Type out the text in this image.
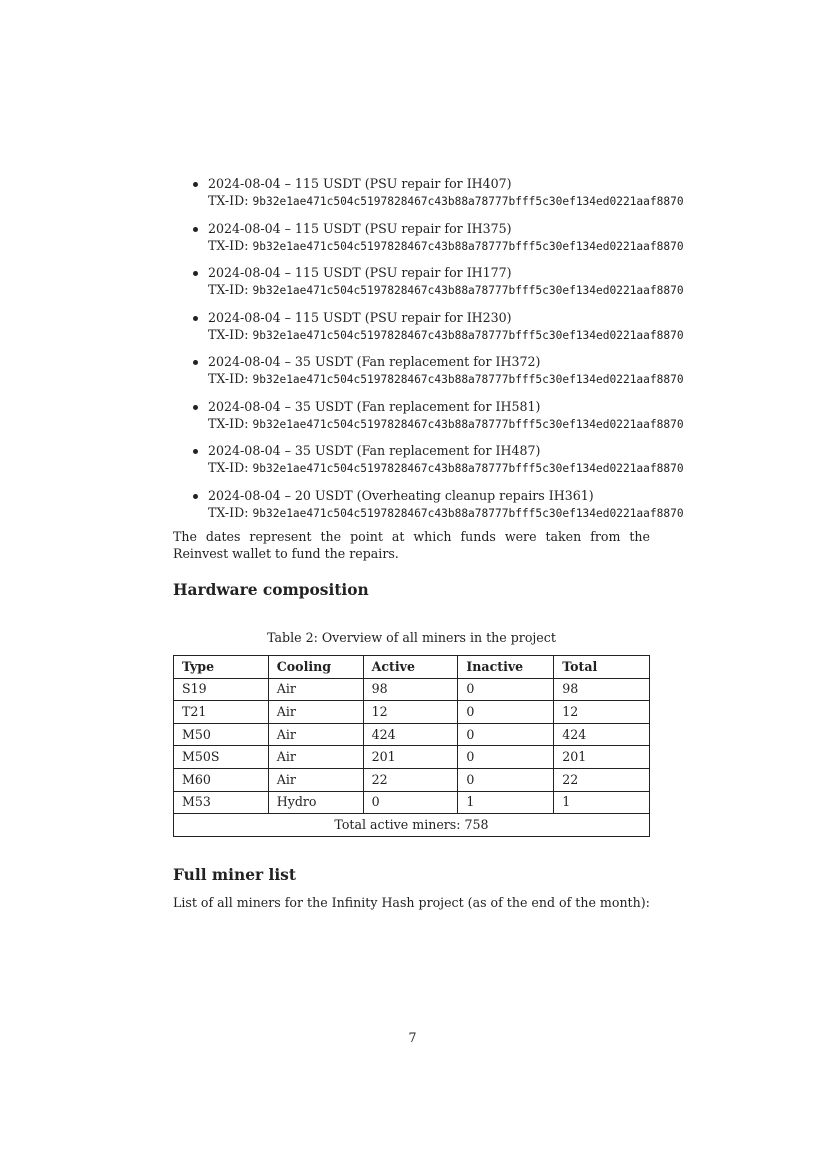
2024-08-04 – 115 USDT (PSU repair for IH407)
TX-ID: 9b32e1ae471c504c5197828467c43b88a78777bfff5c30ef134ed0221aaf8870
2024-08-04 – 115 USDT (PSU repair for IH375)
TX-ID: 9b32e1ae471c504c5197828467c43b88a78777bfff5c30ef134ed0221aaf8870
2024-08-04 – 115 USDT (PSU repair for IH177)
TX-ID: 9b32e1ae471c504c5197828467c43b88a78777bfff5c30ef134ed0221aaf8870
2024-08-04 – 115 USDT (PSU repair for IH230)
TX-ID: 9b32e1ae471c504c5197828467c43b88a78777bfff5c30ef134ed0221aaf8870
2024-08-04 – 35 USDT (Fan replacement for IH372)
TX-ID: 9b32e1ae471c504c5197828467c43b88a78777bfff5c30ef134ed0221aaf8870
2024-08-04 – 35 USDT (Fan replacement for IH581)
TX-ID: 9b32e1ae471c504c5197828467c43b88a78777bfff5c30ef134ed0221aaf8870
2024-08-04 – 35 USDT (Fan replacement for IH487)
TX-ID: 9b32e1ae471c504c5197828467c43b88a78777bfff5c30ef134ed0221aaf8870
2024-08-04 – 20 USDT (Overheating cleanup repairs IH361)
TX-ID: 9b32e1ae471c504c5197828467c43b88a78777bfff5c30ef134ed0221aaf8870

The dates represent the point at which funds were taken from the Reinvest wallet to fund the repairs.

Hardware composition
Table 2: Overview of all miners in the project
Type	Cooling	Active	Inactive	Total
S19	Air	98	0	98
T21	Air	12	0	12
M50	Air	424	0	424
M50S	Air	201	0	201
M60	Air	22	0	22
M53	Hydro	0	1	1
Total active miners: 758				
Full miner list

List of all miners for the Infinity Hash project (as of the end of the month):

7
